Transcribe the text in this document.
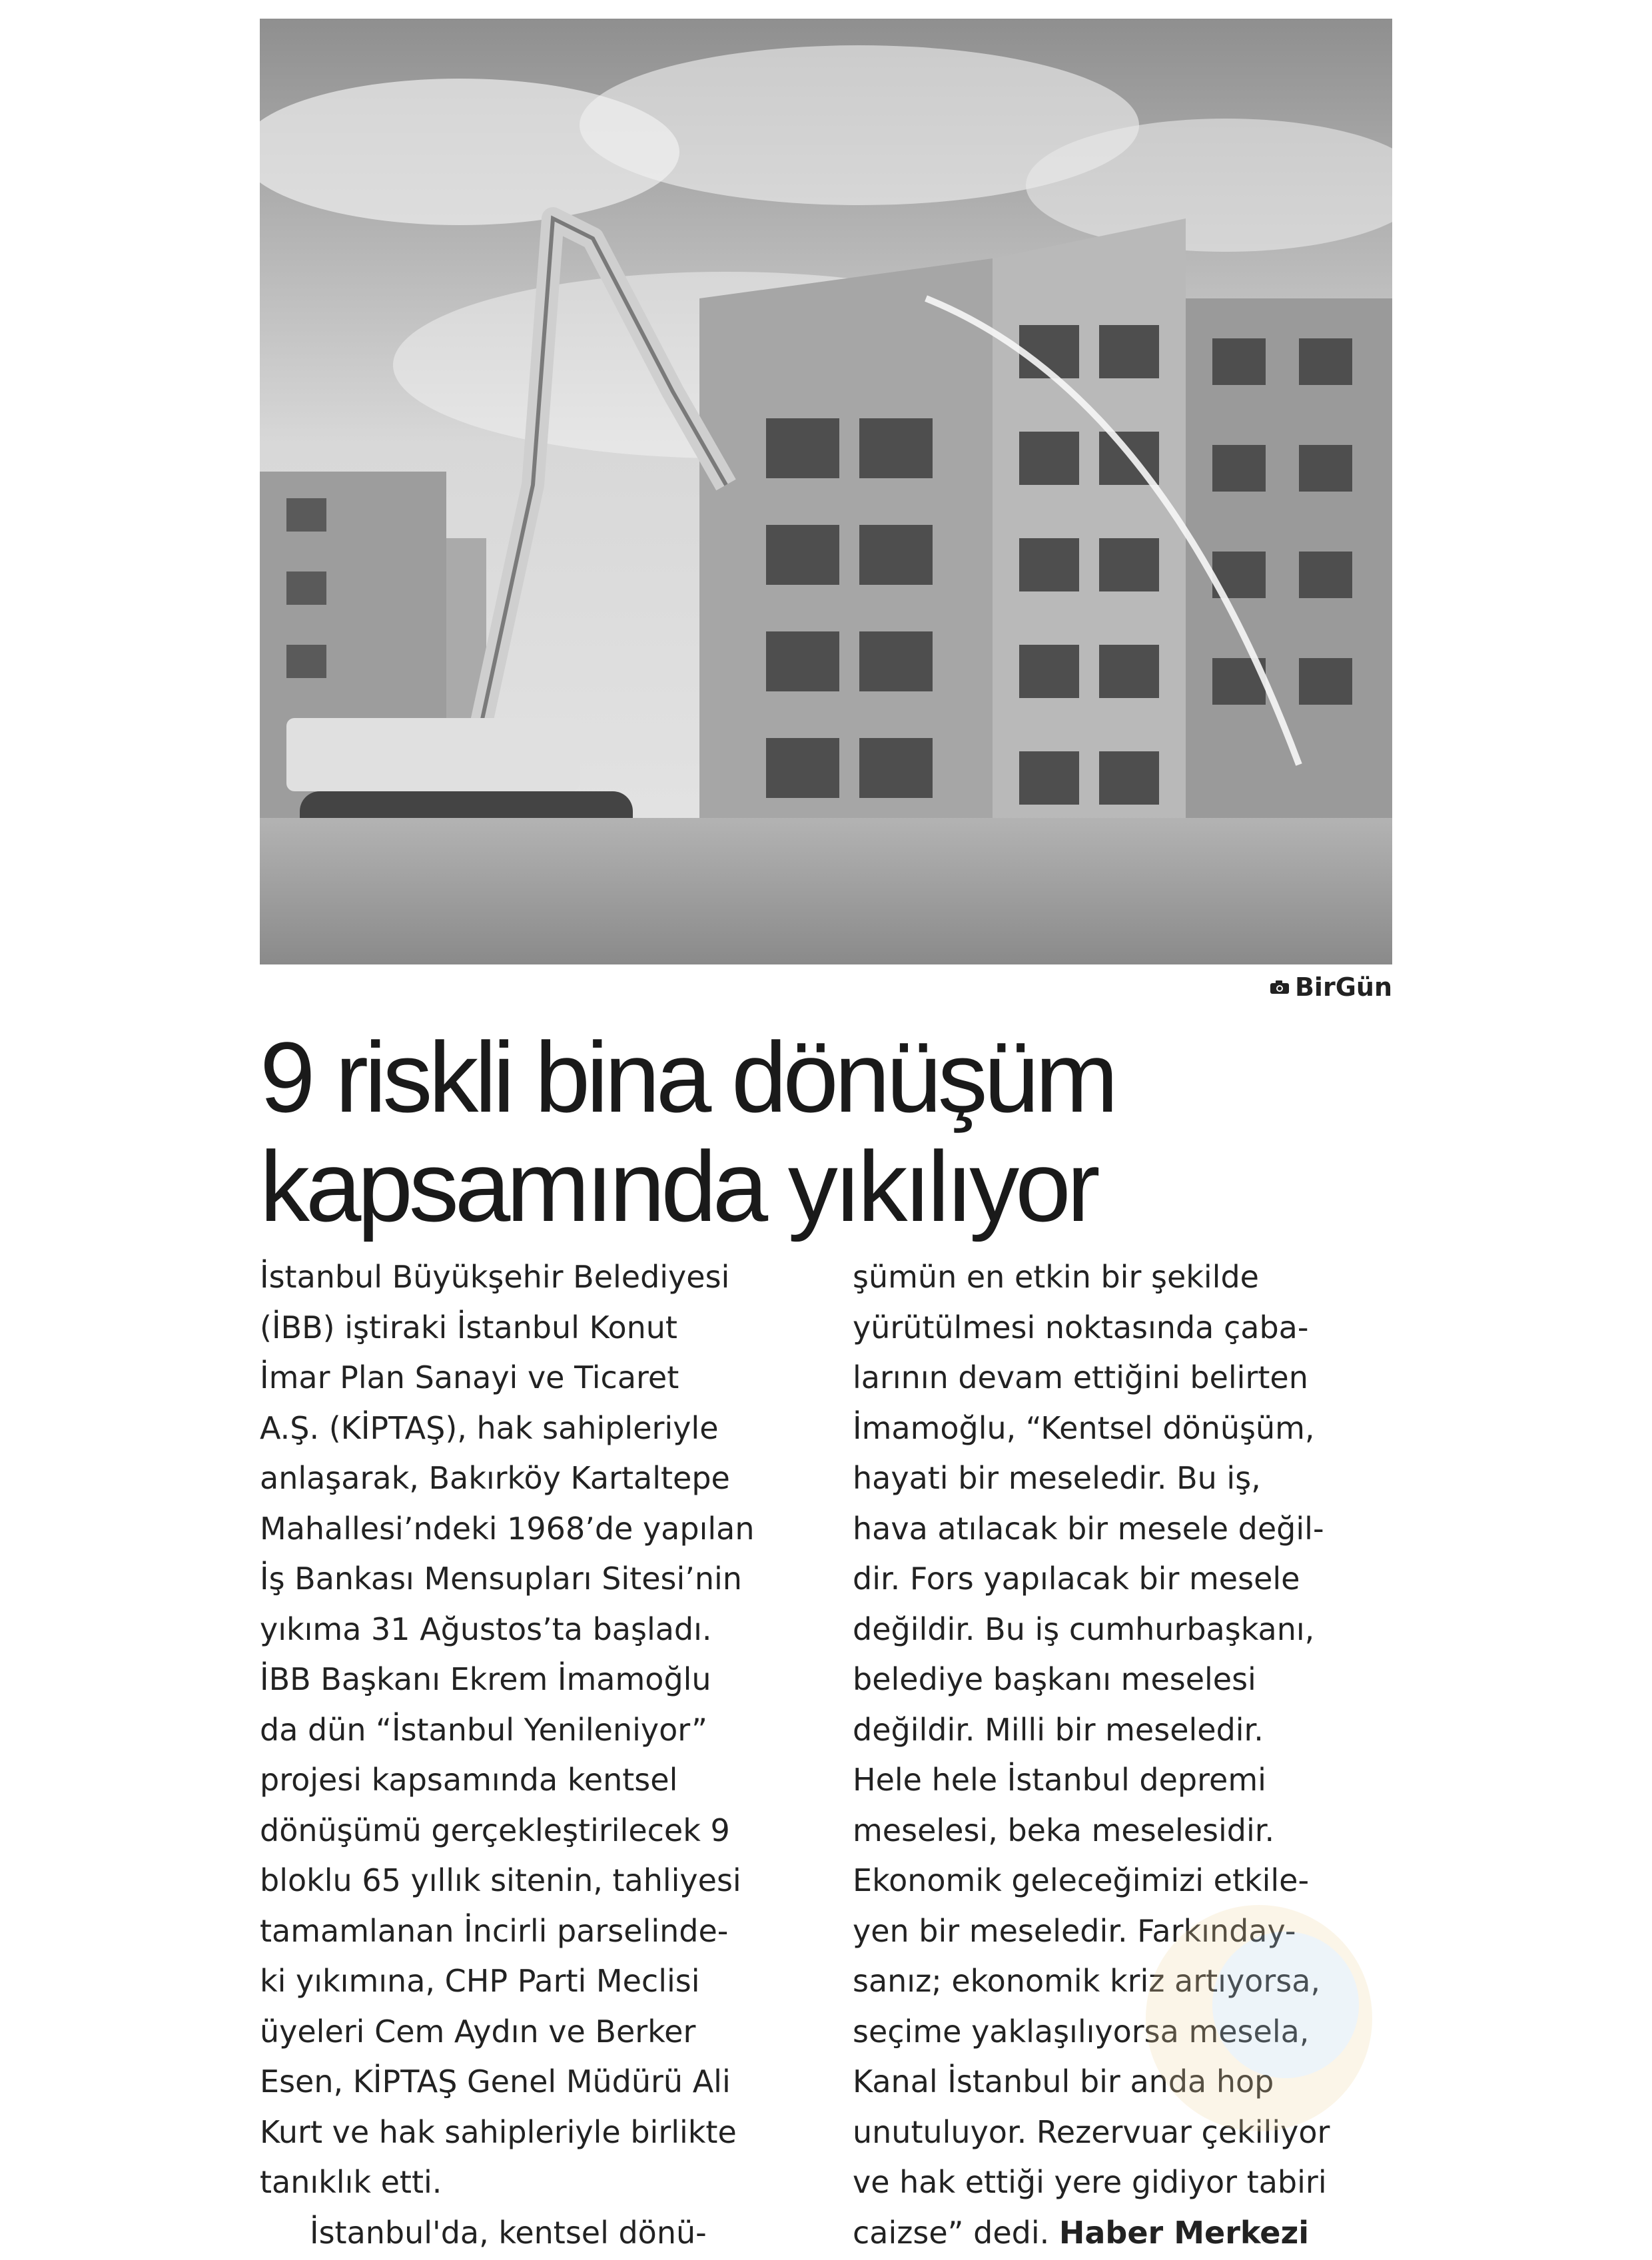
BirGün
9 riskli bina dönüşüm
kapsamında yıkılıyor

İstanbul Büyükşehir Belediyesi

(İBB) iştiraki İstanbul Konut

İmar Plan Sanayi ve Ticaret

A.Ş. (KİPTAŞ), hak sahipleriyle

anlaşarak, Bakırköy Kartaltepe

Mahallesi’ndeki 1968’de yapılan

İş Bankası Mensupları Sitesi’nin

yıkıma 31 Ağustos’ta başladı.

İBB Başkanı Ekrem İmamoğlu

da dün “İstanbul Yenileniyor”

projesi kapsamında kentsel

dönüşümü gerçekleştirilecek 9

bloklu 65 yıllık sitenin, tahliyesi

tamamlanan İncirli parselinde-

ki yıkımına, CHP Parti Meclisi

üyeleri Cem Aydın ve Berker

Esen, KİPTAŞ Genel Müdürü Ali

Kurt ve hak sahipleriyle birlikte

tanıklık etti.

İstanbul'da, kentsel dönü-

şümün en etkin bir şekilde

yürütülmesi noktasında çaba-

larının devam ettiğini belirten

İmamoğlu, “Kentsel dönüşüm,

hayati bir meseledir. Bu iş,

hava atılacak bir mesele değil-

dir. Fors yapılacak bir mesele

değildir. Bu iş cumhurbaşkanı,

belediye başkanı meselesi

değildir. Milli bir meseledir.

Hele hele İstanbul depremi

meselesi, beka meselesidir.

Ekonomik geleceğimizi etkile-

yen bir meseledir. Farkınday-

sanız; ekonomik kriz artıyorsa,

seçime yaklaşılıyorsa mesela,

Kanal İstanbul bir anda hop

unutuluyor. Rezervuar çekiliyor

ve hak ettiği yere gidiyor tabiri

caizse” dedi. Haber Merkezi
